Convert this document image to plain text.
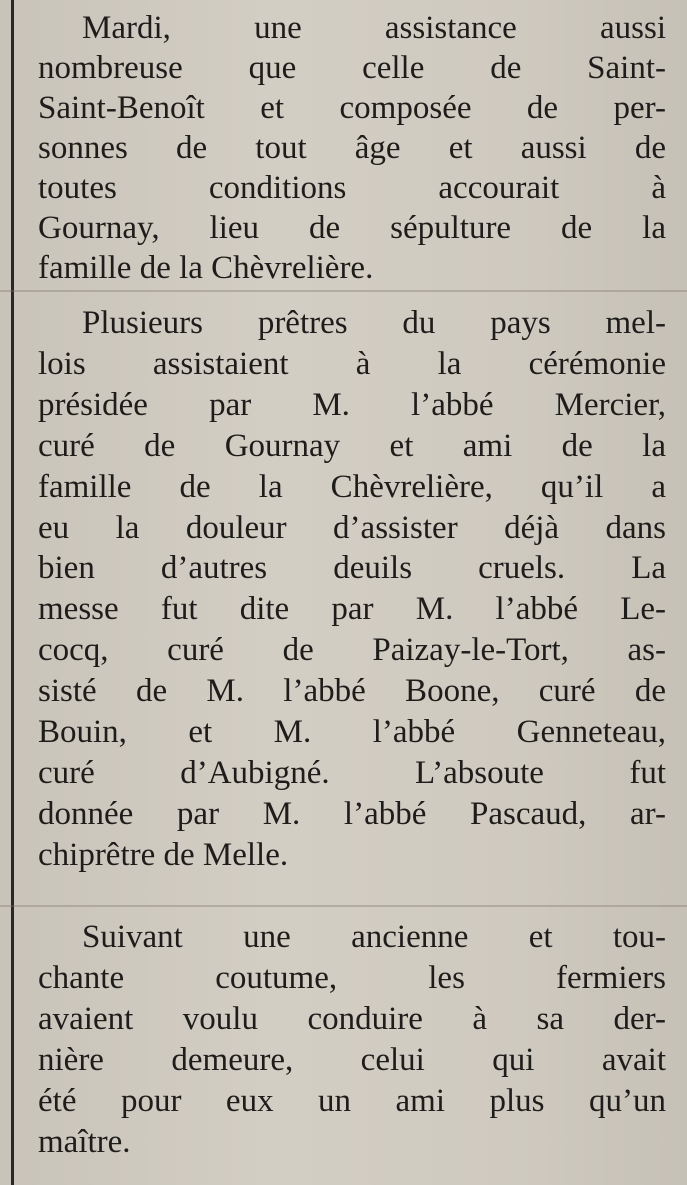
Mardi, une assistance aussi
nombreuse que celle de Saint-
Saint-Benoît et composée de per-
sonnes de tout âge et aussi de
toutes conditions accourait à
Gournay, lieu de sépulture de la
famille de la Chèvrelière.
Plusieurs prêtres du pays mel-
lois assistaient à la cérémonie
présidée par M. l’abbé Mercier,
curé de Gournay et ami de la
famille de la Chèvrelière, qu’il a
eu la douleur d’assister déjà dans
bien d’autres deuils cruels. La
messe fut dite par M. l’abbé Le-
cocq, curé de Paizay-le-Tort, as-
sisté de M. l’abbé Boone, curé de
Bouin, et M. l’abbé Genneteau,
curé d’Aubigné. L’absoute fut
donnée par M. l’abbé Pascaud, ar-
chiprêtre de Melle.
Suivant une ancienne et tou-
chante coutume, les fermiers
avaient voulu conduire à sa der-
nière demeure, celui qui avait
été pour eux un ami plus qu’un
maître.
